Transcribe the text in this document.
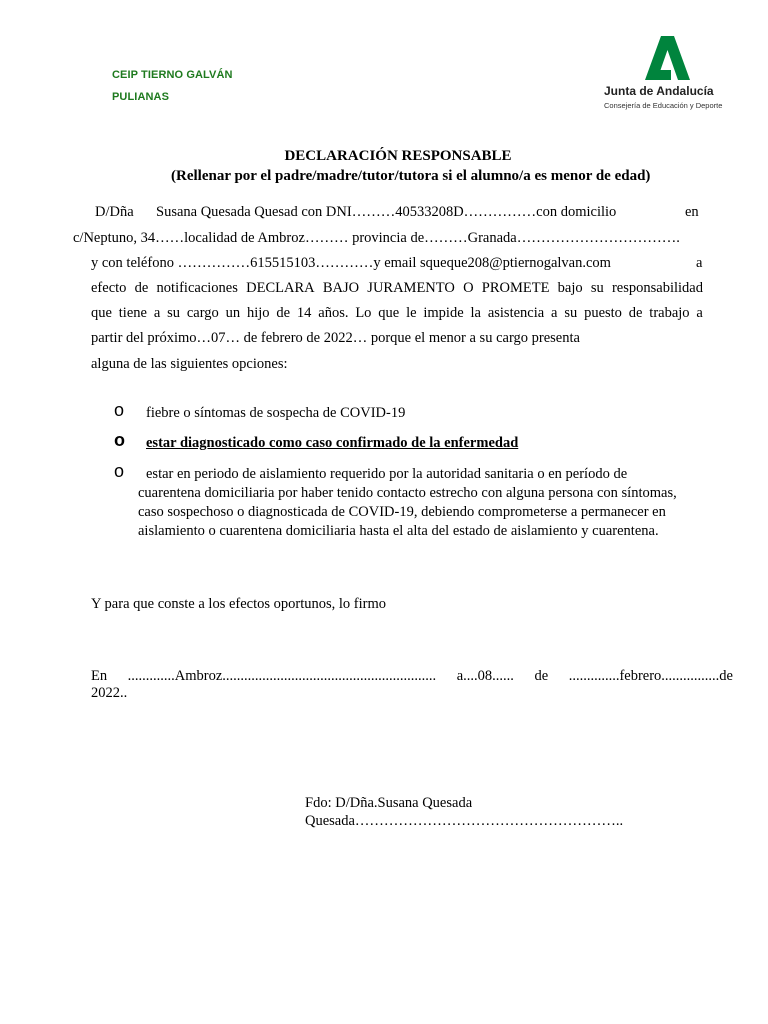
CEIP TIERNO GALVÁN
PULIANAS	Junta de Andalucía
Consejería de Educación y Deporte
DECLARACIÓN RESPONSABLE
(Rellenar por el padre/madre/tutor/tutora si el alumno/a es menor de edad)
D/Dña Susana Quesada Quesad con DNI………40533208D……………con domicilio	en
c/Neptuno, 34……localidad de Ambroz……… provincia de………Granada…………………………….
y con teléfono ……………615515103…………y email squeque208@ptiernogalvan.com	a
efecto de notificaciones DECLARA BAJO JURAMENTO O PROMETE bajo su responsabilidad
que tiene a su cargo un hijo de 14 años. Lo que le impide la asistencia a su puesto de trabajo a
partir del próximo…07… de febrero de 2022… porque el menor a su cargo presenta
alguna de las siguientes opciones:
o fiebre o síntomas de sospecha de COVID-19
o estar diagnosticado como caso confirmado de la enfermedad
o estar en periodo de aislamiento requerido por la autoridad sanitaria o en período de
cuarentena domiciliaria por haber tenido contacto estrecho con alguna persona con síntomas,
caso sospechoso o diagnosticada de COVID-19, debiendo comprometerse a permanecer en
aislamiento o cuarentena domiciliaria hasta el alta del estado de aislamiento y cuarentena.
Y para que conste a los efectos oportunos, lo firmo
En .............Ambroz........................................................... a....08...... de ..............febrero................de
2022..
Fdo: D/Dña.Susana Quesada
Quesada………………………………………………..
